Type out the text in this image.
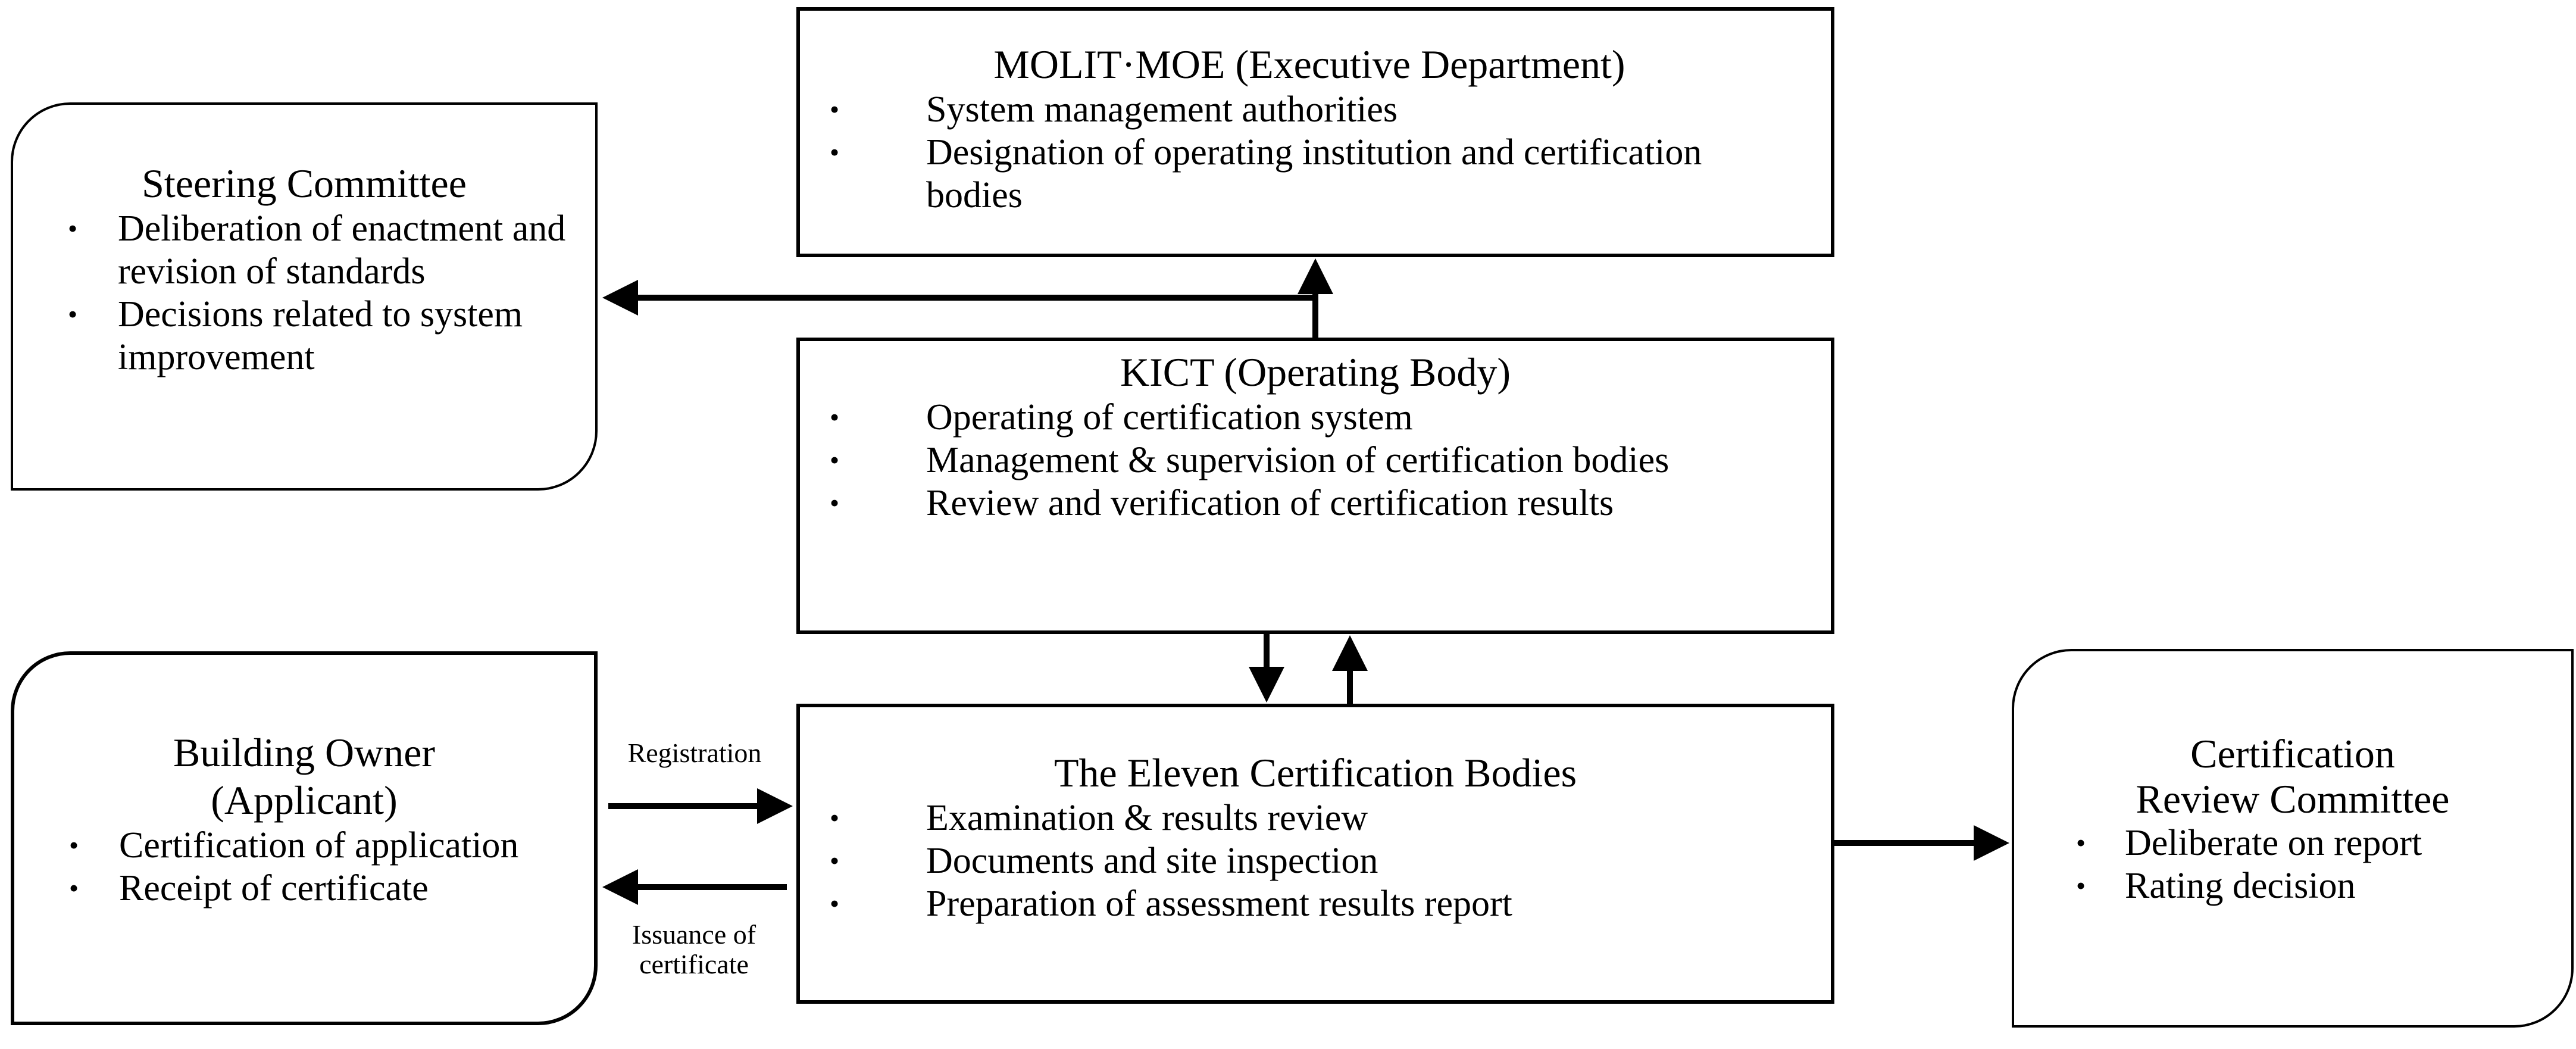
MOLIT·MOE (Executive Department)

• System management authorities
• Designation of operating institution and certification bodies

KICT (Operating Body)

• Operating of certification system
• Management & supervision of certification bodies
• Review and verification of certification results

The Eleven Certification Bodies

• Examination & results review
• Documents and site inspection
• Preparation of assessment results report

Steering Committee

• Deliberation of enactment and revision of standards
• Decisions related to system improvement

Building Owner
(Applicant)

• Certification of application
• Receipt of certificate

Certification
Review Committee

• Deliberate on report
• Rating decision
Registration
Issuance of
certificate
